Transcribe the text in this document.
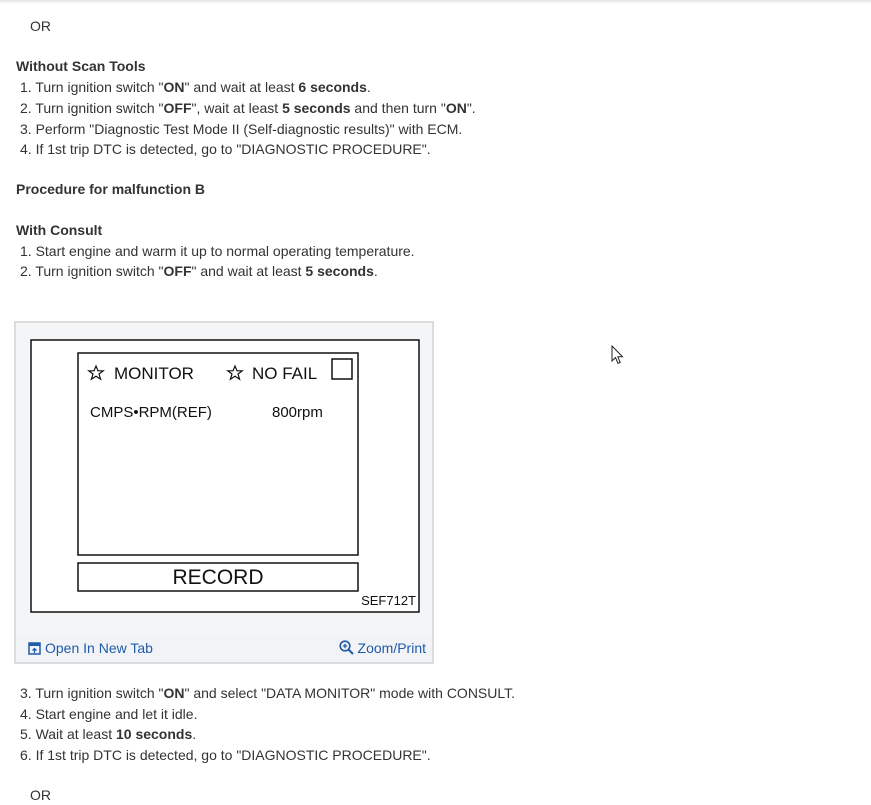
OR
Without Scan Tools
1. Turn ignition switch "ON" and wait at least 6 seconds.
2. Turn ignition switch "OFF", wait at least 5 seconds and then turn "ON".
3. Perform "Diagnostic Test Mode II (Self-diagnostic results)" with ECM.
4. If 1st trip DTC is detected, go to "DIAGNOSTIC PROCEDURE".
Procedure for malfunction B
With Consult
1. Start engine and warm it up to normal operating temperature.
2. Turn ignition switch "OFF" and wait at least 5 seconds.
MONITOR	NO FAIL
CMPS•RPM(REF)	800rpm
RECORD
SEF712T
Open In New Tab	Zoom/Print
3. Turn ignition switch "ON" and select "DATA MONITOR" mode with CONSULT.
4. Start engine and let it idle.
5. Wait at least 10 seconds.
6. If 1st trip DTC is detected, go to "DIAGNOSTIC PROCEDURE".
OR
